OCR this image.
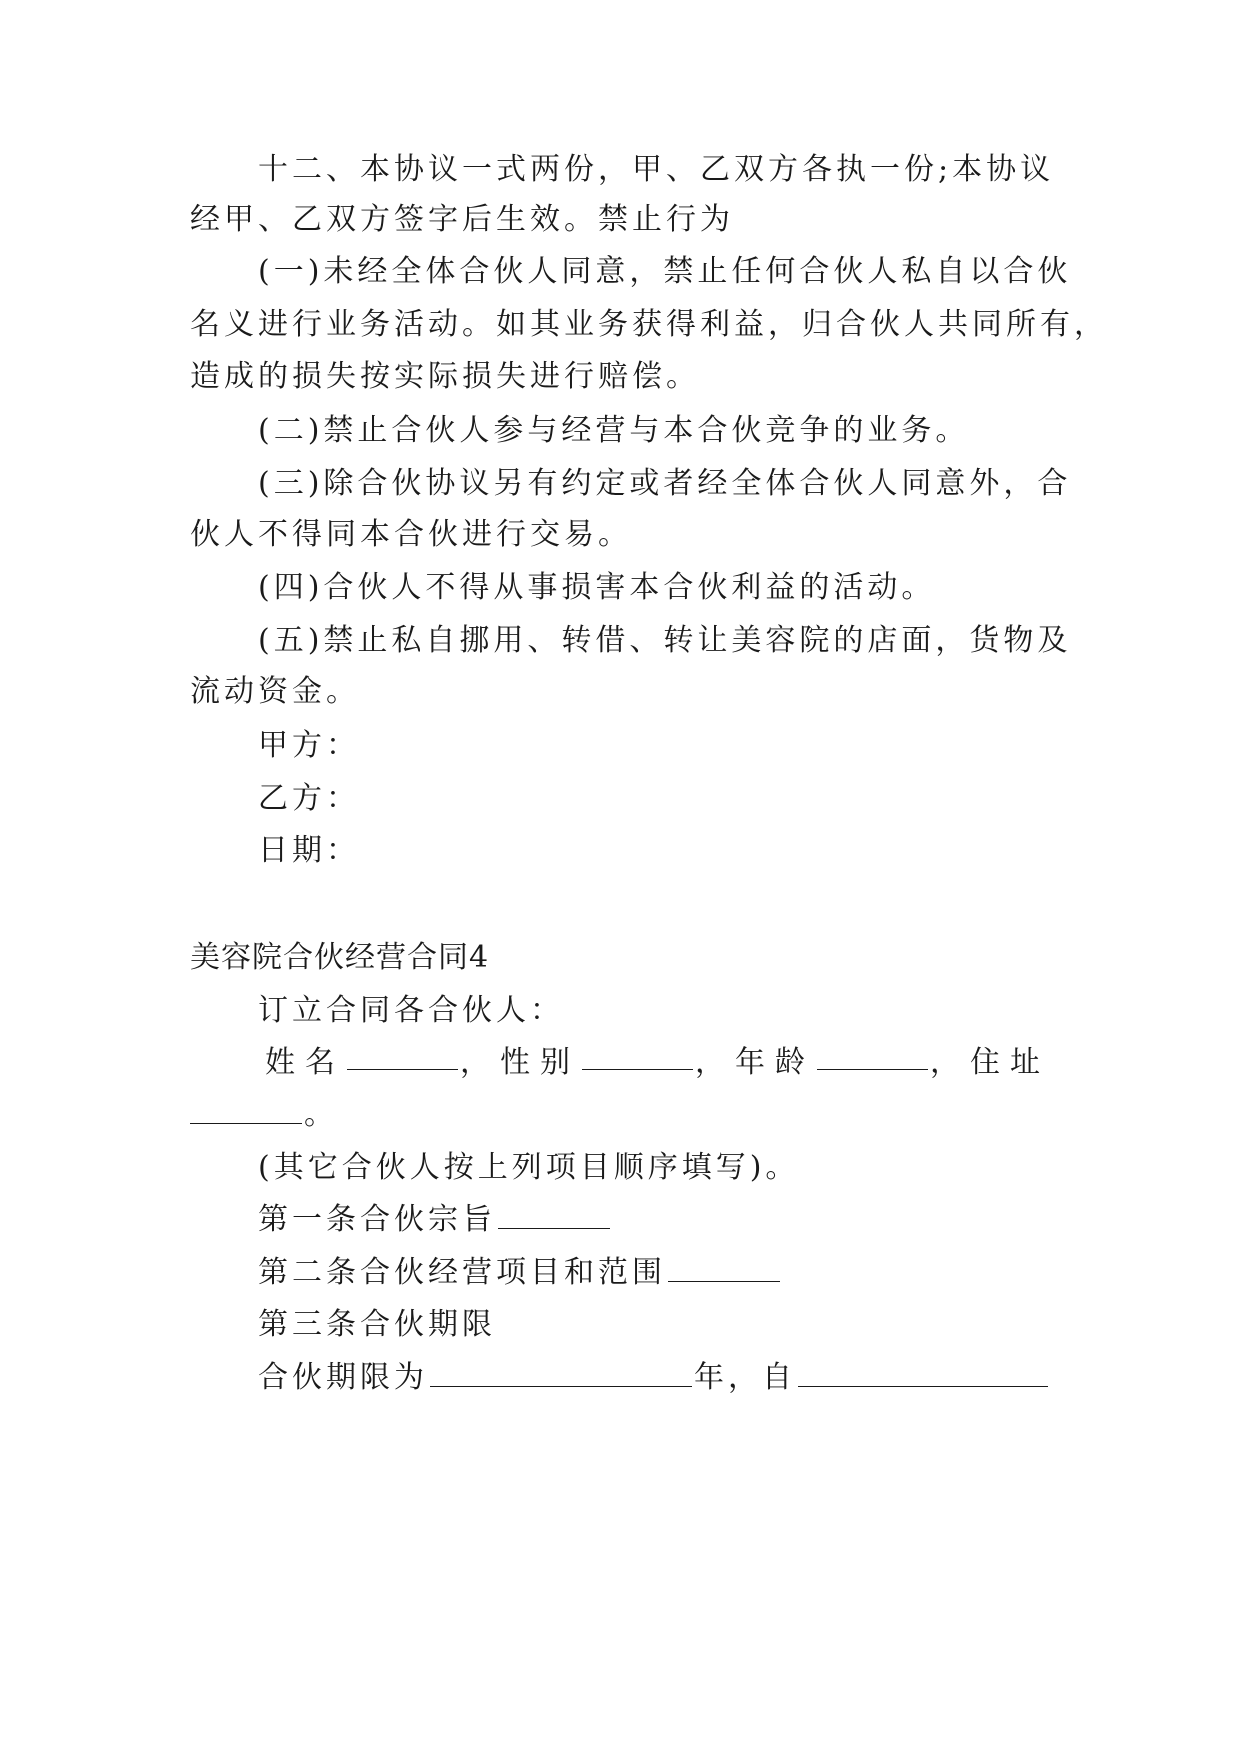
十二、本协议一式两份，甲、乙双方各执一份;本协议
经甲、乙双方签字后生效。禁止行为
(一)未经全体合伙人同意，禁止任何合伙人私自以合伙
名义进行业务活动。如其业务获得利益，归合伙人共同所有，
造成的损失按实际损失进行赔偿。
(二)禁止合伙人参与经营与本合伙竞争的业务。
(三)除合伙协议另有约定或者经全体合伙人同意外，合
伙人不得同本合伙进行交易。
(四)合伙人不得从事损害本合伙利益的活动。
(五)禁止私自挪用、转借、转让美容院的店面，货物及
流动资金。
甲方：
乙方：
日期：
美容院合伙经营合同4
订立合同各合伙人：
姓名	，性别	，年龄	，住址
。
(其它合伙人按上列项目顺序填写)。
第一条合伙宗旨
第二条合伙经营项目和范围
第三条合伙期限
合伙期限为	年，自
